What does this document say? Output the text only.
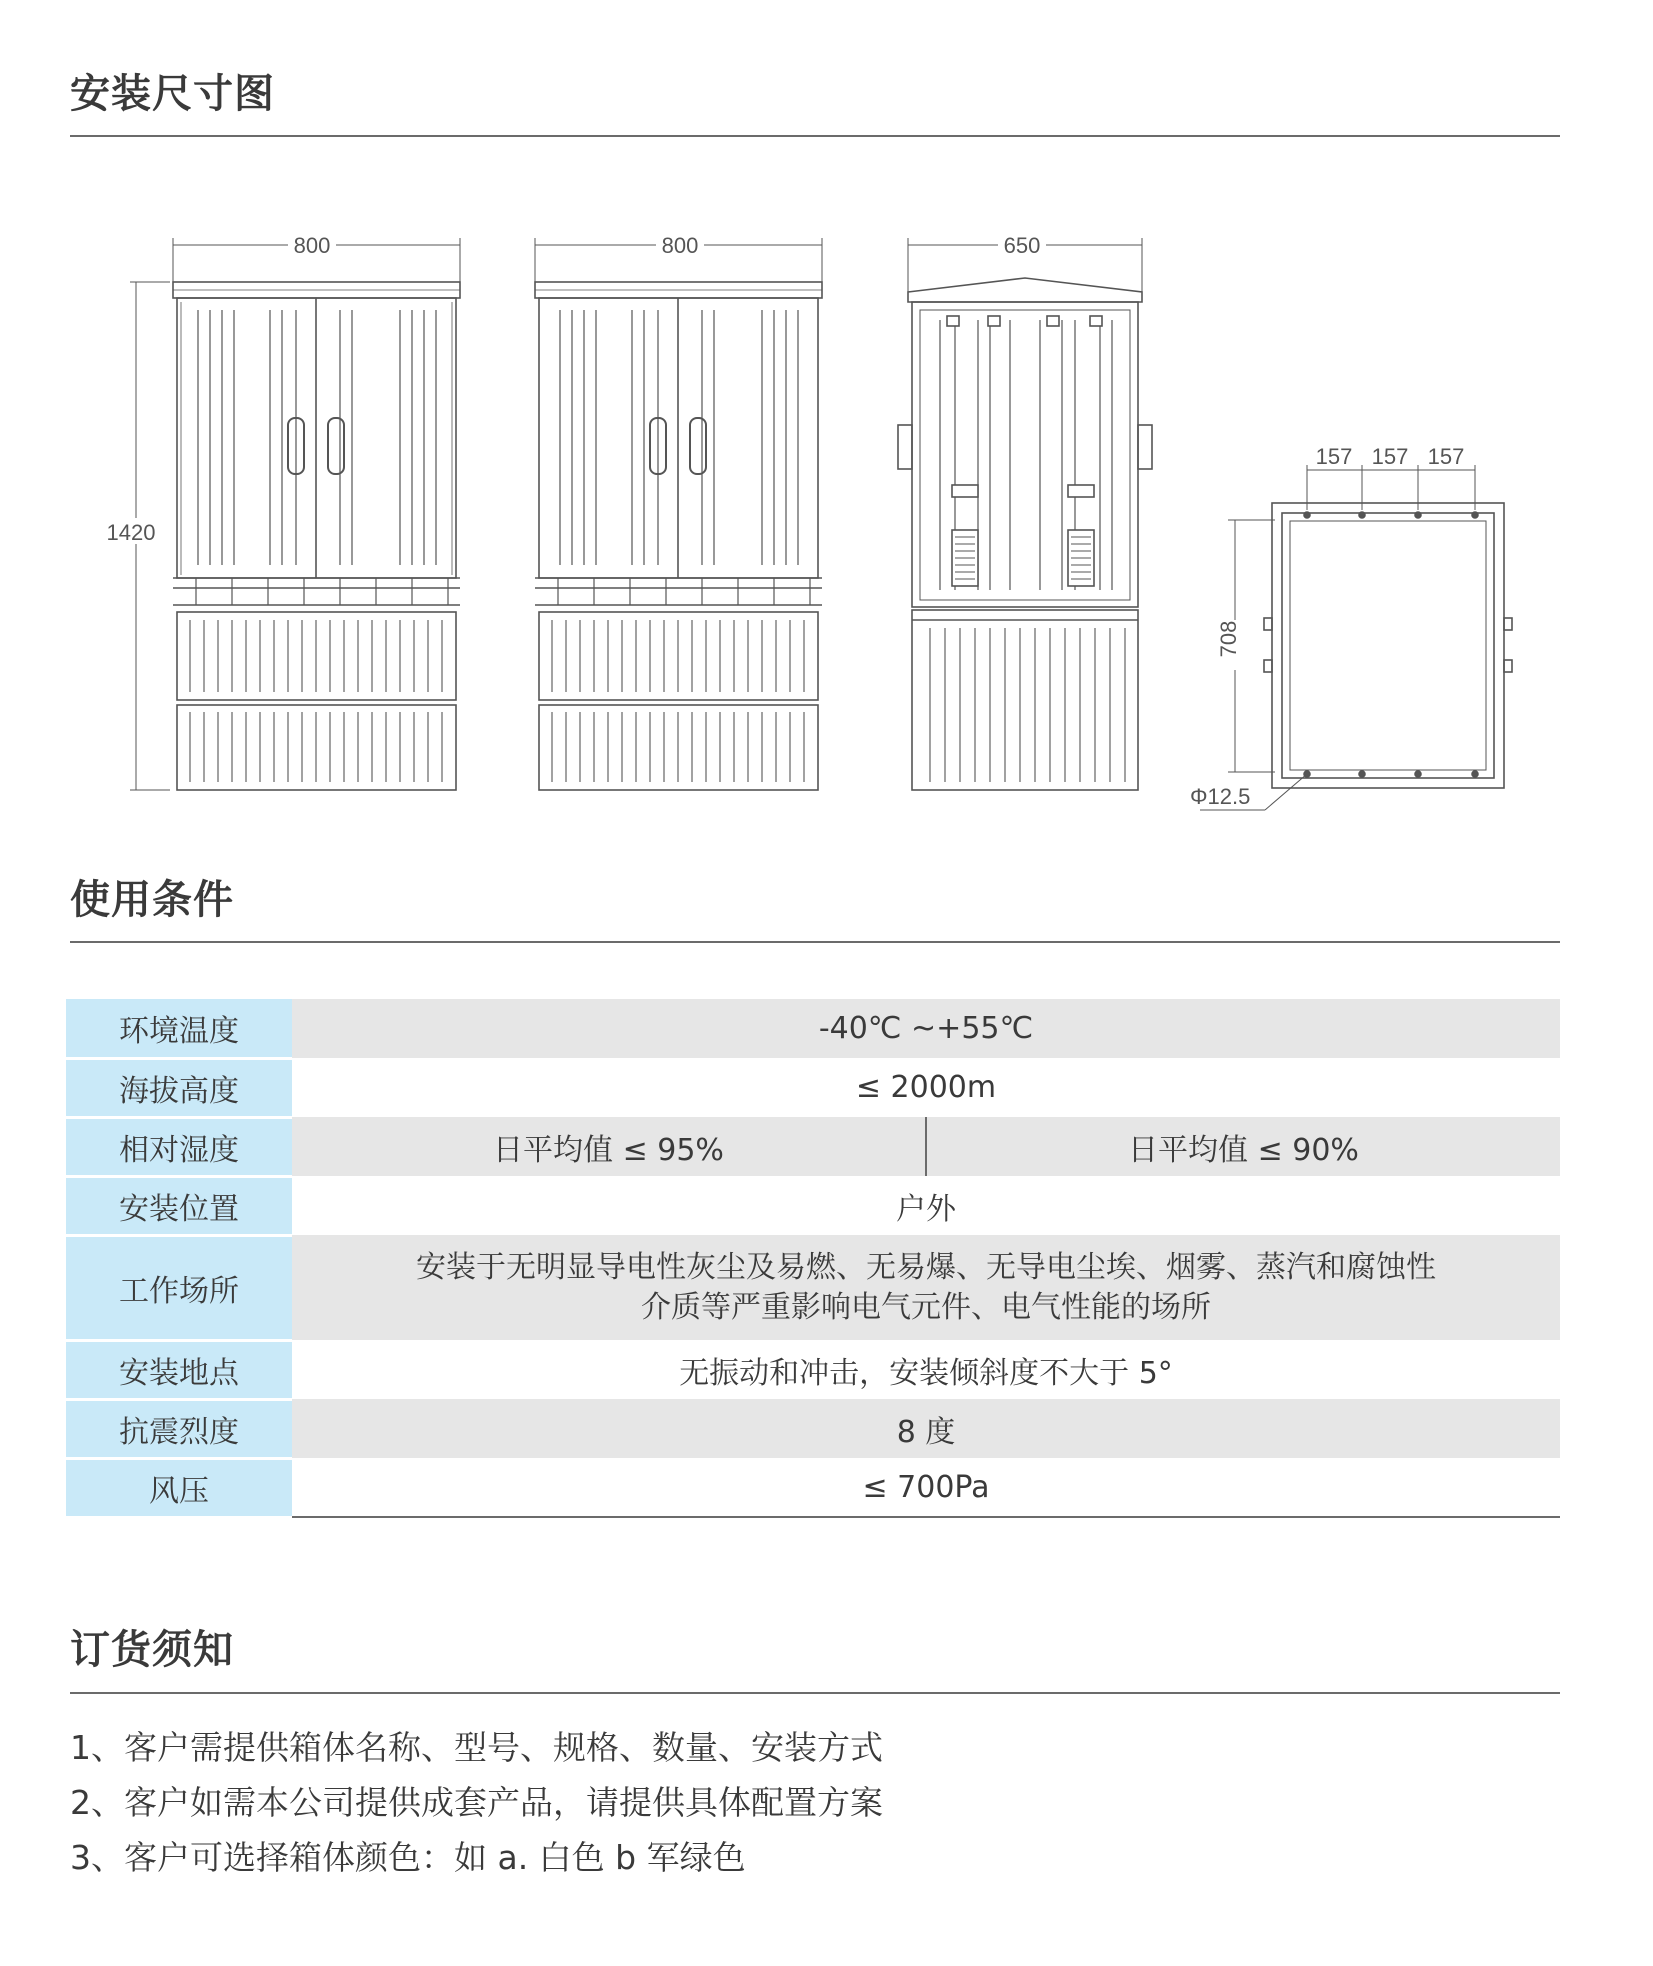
安装尺寸图
800
1420
800	650
157 157 157
708
Φ12.5
使用条件
环境温度	-40℃ ~+55℃	
海拔高度	≤ 2000m	
相对湿度	日平均值 ≤ 95%	日平均值 ≤ 90%
安装位置	户外	
工作场所	安装于无明显导电性灰尘及易燃、无易爆、无导电尘埃、烟雾、蒸汽和腐蚀性
介质等严重影响电气元件、电气性能的场所	

安装地点	无振动和冲击，安装倾斜度不大于 5°	
抗震烈度	8 度	
风压	≤ 700Pa	
订货须知
1、客户需提供箱体名称、型号、规格、数量、安装方式
2、客户如需本公司提供成套产品，请提供具体配置方案
3、客户可选择箱体颜色：如 a. 白色 b 军绿色
